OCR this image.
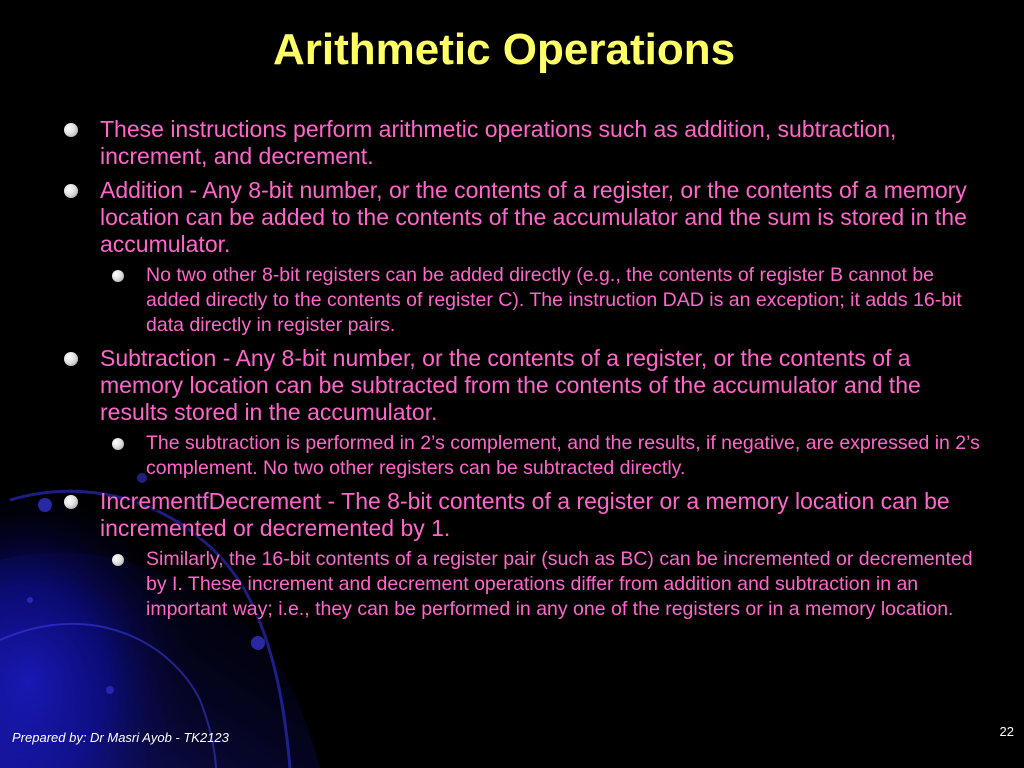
Arithmetic Operations
These instructions perform arithmetic operations such as addition, subtraction, increment, and decrement.
Addition - Any 8-bit number, or the contents of a register, or the contents of a memory location can be added to the contents of the accumulator and the sum is stored in the accumulator.
No two other 8-bit registers can be added directly (e.g., the contents of register B cannot be added directly to the contents of register C). The instruction DAD is an exception; it adds 16-bit data directly in register pairs.
Subtraction - Any 8-bit number, or the contents of a register, or the contents of a memory location can be subtracted from the contents of the accumulator and the results stored in the accumulator.
The subtraction is performed in 2’s complement, and the results, if negative, are expressed in 2’s complement. No two other registers can be subtracted directly.
IncrementfDecrement - The 8-bit contents of a register or a memory location can be incremented or decremented by 1.
Similarly, the 16-bit contents of a register pair (such as BC) can be incremented or decremented by I. These increment and decrement operations differ from addition and subtraction in an important way; i.e., they can be performed in any one of the registers or in a memory location.
Prepared by: Dr Masri Ayob - TK2123	22
